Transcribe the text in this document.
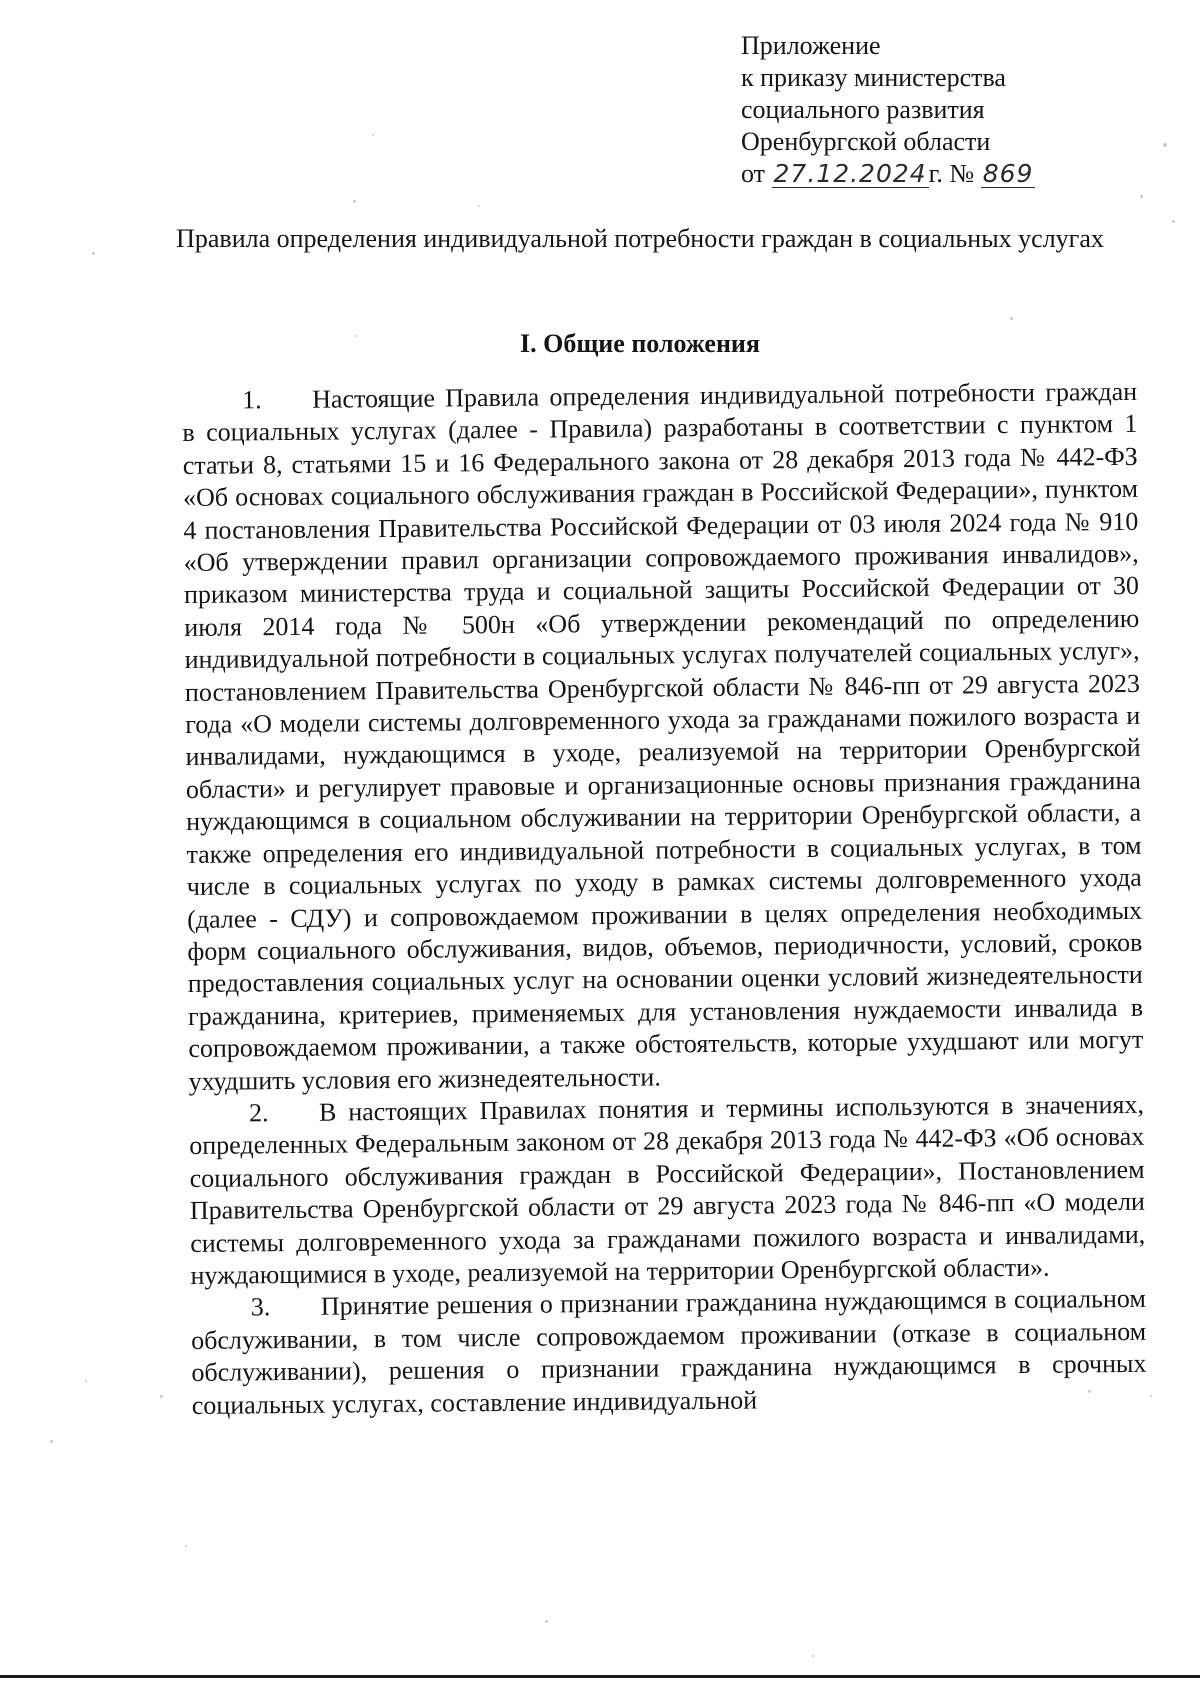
Приложение
к приказу министерства
социального развития
Оренбургской области
от 27.12.2024г. № 869
Правила определения индивидуальной потребности граждан в социальных услугах
I. Общие положения

1. Настоящие Правила определения индивидуальной потребности граждан в социальных услугах (далее - Правила) разработаны в соответствии с пунктом 1 статьи 8, статьями 15 и 16 Федерального закона от 28 декабря 2013 года № 442-ФЗ «Об основах социального обслуживания граждан в Российской Федерации», пунктом 4 постановления Правительства Российской Федерации от 03 июля 2024 года № 910 «Об утверждении правил организации сопровождаемого проживания инвалидов», приказом министерства труда и социальной защиты Российской Федерации от 30 июля 2014 года № 500н «Об утверждении рекомендаций по определению индивидуальной потребности в социальных услугах получателей социальных услуг», постановлением Правительства Оренбургской области № 846-пп от 29 августа 2023 года «О модели системы долговременного ухода за гражданами пожилого возраста и инвалидами, нуждающимся в уходе, реализуемой на территории Оренбургской области» и регулирует правовые и организационные основы признания гражданина нуждающимся в социальном обслуживании на территории Оренбургской области, а также определения его индивидуальной потребности в социальных услугах, в том числе в социальных услугах по уходу в рамках системы долговременного ухода (далее - СДУ) и сопровождаемом проживании в целях определения необходимых форм социального обслуживания, видов, объемов, периодичности, условий, сроков предоставления социальных услуг на основании оценки условий жизнедеятельности гражданина, критериев, применяемых для установления нуждаемости инвалида в сопровождаемом проживании, а также обстоятельств, которые ухудшают или могут ухудшить условия его жизнедеятельности.

2. В настоящих Правилах понятия и термины используются в значениях, определенных Федеральным законом от 28 декабря 2013 года № 442-ФЗ «Об основах социального обслуживания граждан в Российской Федерации», Постановлением Правительства Оренбургской области от 29 августа 2023 года № 846-пп «О модели системы долговременного ухода за гражданами пожилого возраста и инвалидами, нуждающимися в уходе, реализуемой на территории Оренбургской области».

3. Принятие решения о признании гражданина нуждающимся в социальном обслуживании, в том числе сопровождаемом проживании (отказе в социальном обслуживании), решения о признании гражданина нуждающимся в срочных социальных услугах, составление индивидуальной
